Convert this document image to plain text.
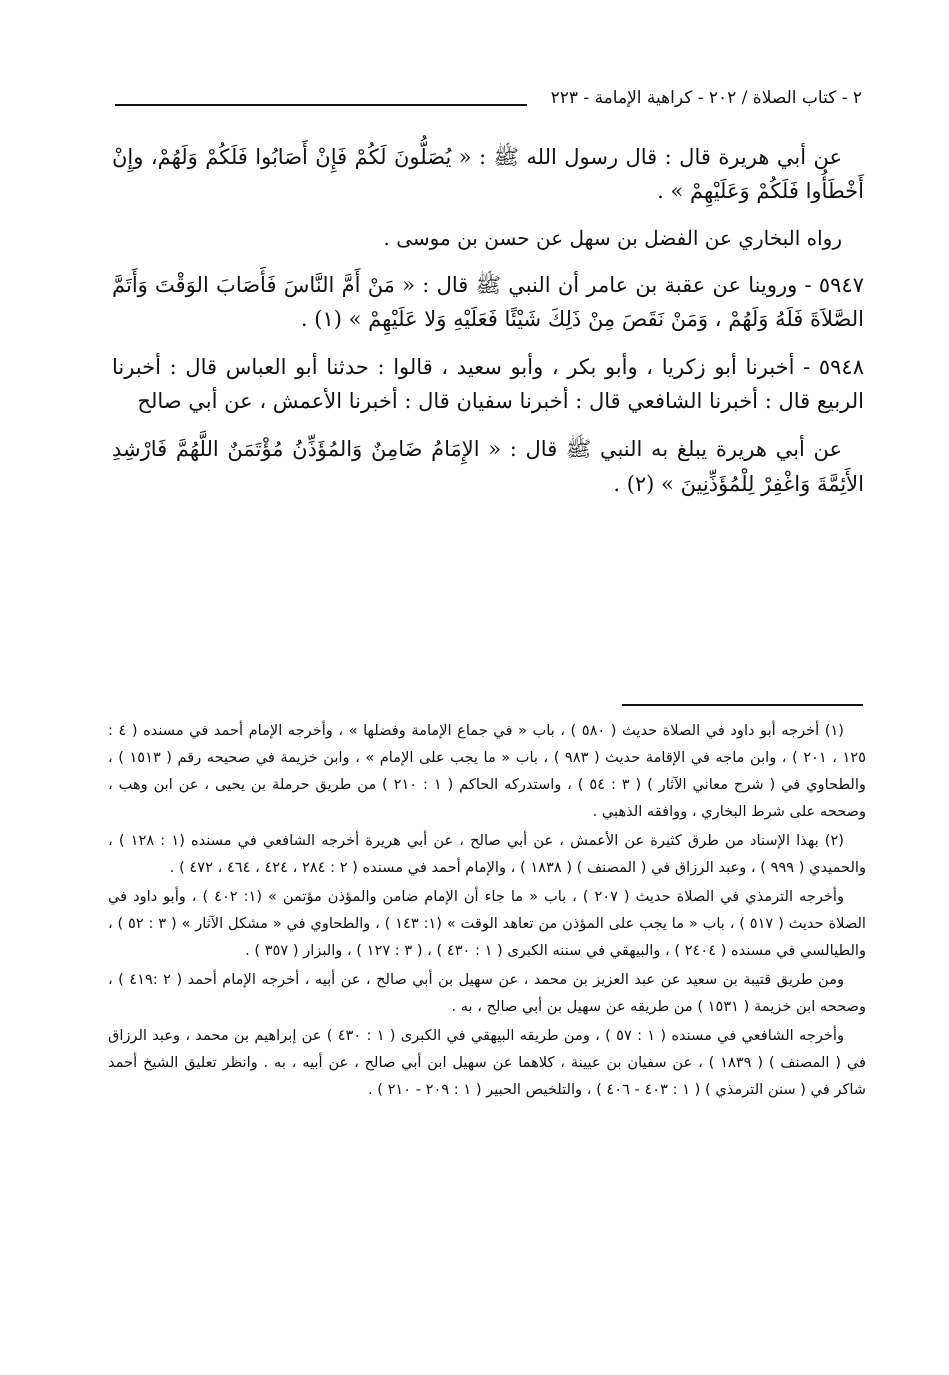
٢ - كتاب الصلاة / ٢٠٢ - كراهية الإمامة - ٢٢٣

عن أبي هريرة قال : قال رسول الله ﷺ : « يُصَلُّونَ لَكُمْ فَإِنْ أَصَابُوا فَلَكُمْ وَلَهُمْ، وإِنْ أَخْطَأُوا فَلَكُمْ وَعَلَيْهِمْ » .

رواه البخاري عن الفضل بن سهل عن حسن بن موسى .

٥٩٤٧ - وروينا عن عقبة بن عامر أن النبي ﷺ قال : « مَنْ أَمَّ النَّاسَ فَأَصَابَ الوَقْتَ وَأَتَمَّ الصَّلاَةَ فَلَهُ وَلَهُمْ ، وَمَنْ نَقَصَ مِنْ ذَلِكَ شَيْئًا فَعَلَيْهِ وَلا عَلَيْهِمْ » (١) .

٥٩٤٨ - أخبرنا أبو زكريا ، وأبو بكر ، وأبو سعيد ، قالوا : حدثنا أبو العباس قال : أخبرنا الربيع قال : أخبرنا الشافعي قال : أخبرنا سفيان قال : أخبرنا الأعمش ، عن أبي صالح

عن أبي هريرة يبلغ به النبي ﷺ قال : « الإِمَامُ ضَامِنٌ وَالمُؤَذِّنُ مُؤْتَمَنٌ اللَّهُمَّ فَارْشِدِ الأَئِمَّةَ وَاغْفِرْ لِلْمُؤَذِّنِينَ » (٢) .

(١) أخرجه أبو داود في الصلاة حديث ( ٥٨٠ ) ، باب « في جماع الإمامة وفضلها » ، وأخرجه الإمام أحمد في مسنده ( ٤ : ١٢٥ ، ٢٠١ ) ، وابن ماجه في الإقامة حديث ( ٩٨٣ ) ، باب « ما يجب على الإمام » ، وابن خزيمة في صحيحه رقم ( ١٥١٣ ) ، والطحاوي في ( شرح معاني الآثار ) ( ٣ : ٥٤ ) ، واستدركه الحاكم ( ١ : ٢١٠ ) من طريق حرملة بن يحيى ، عن ابن وهب ، وصححه على شرط البخاري ، ووافقه الذهبي .

(٢) بهذا الإسناد من طرق كثيرة عن الأعمش ، عن أبي صالح ، عن أبي هريرة أخرجه الشافعي في مسنده (١ : ١٢٨ ) ، والحميدي ( ٩٩٩ ) ، وعبد الرزاق في ( المصنف ) ( ١٨٣٨ ) ، والإمام أحمد في مسنده ( ٢ : ٢٨٤ ، ٤٢٤ ، ٤٦٤ ، ٤٧٢ ) .

وأخرجه الترمذي في الصلاة حديث ( ٢٠٧ ) ، باب « ما جاء أن الإمام ضامن والمؤذن مؤتمن » (١: ٤٠٢ ) ، وأبو داود في الصلاة حديث ( ٥١٧ ) ، باب « ما يجب على المؤذن من تعاهد الوقت » (١: ١٤٣ ) ، والطحاوي في « مشكل الآثار » ( ٣ : ٥٢ ) ، والطيالسي في مسنده ( ٢٤٠٤ ) ، والبيهقي في سننه الكبرى ( ١ : ٤٣٠ ) ، ( ٣ : ١٢٧ ) ، والبزار ( ٣٥٧ ) .

ومن طريق قتيبة بن سعيد عن عبد العزيز بن محمد ، عن سهيل بن أبي صالح ، عن أبيه ، أخرجه الإمام أحمد ( ٢ :٤١٩ ) ، وصححه ابن خزيمة ( ١٥٣١ ) من طريقه عن سهيل بن أبي صالح ، به .

وأخرجه الشافعي في مسنده ( ١ : ٥٧ ) ، ومن طريقه البيهقي في الكبرى ( ١ : ٤٣٠ ) عن إبراهيم بن محمد ، وعبد الرزاق في ( المصنف ) ( ١٨٣٩ ) ، عن سفيان بن عيينة ، كلاهما عن سهيل ابن أبي صالح ، عن أبيه ، به . وانظر تعليق الشيخ أحمد شاكر في ( سنن الترمذي ) ( ١ : ٤٠٣ - ٤٠٦ ) ، والتلخيص الحبير ( ١ : ٢٠٩ - ٢١٠ ) .
